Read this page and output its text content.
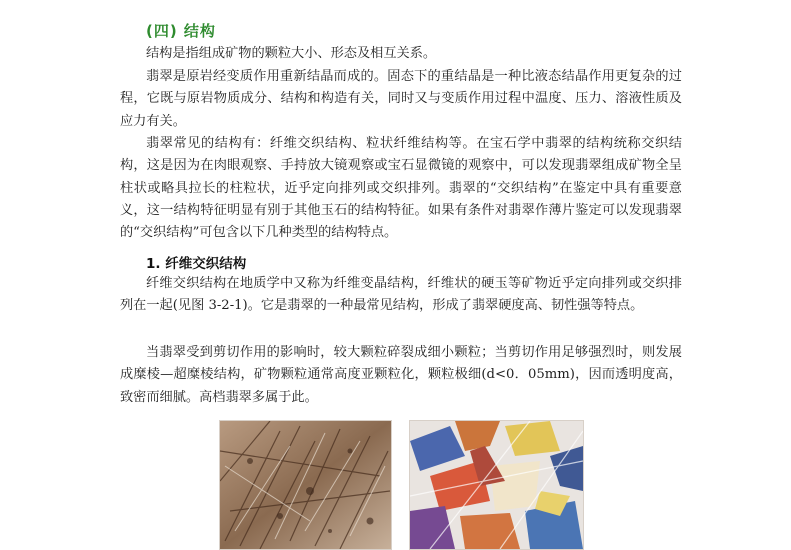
(四) 结构

结构是指组成矿物的颗粒大小、形态及相互关系。

翡翠是原岩经变质作用重新结晶而成的。固态下的重结晶是一种比液态结晶作用更复杂的过程，它既与原岩物质成分、结构和构造有关，同时又与变质作用过程中温度、压力、溶液性质及应力有关。

翡翠常见的结构有：纤维交织结构、粒状纤维结构等。在宝石学中翡翠的结构统称交织结构，这是因为在肉眼观察、手持放大镜观察或宝石显微镜的观察中，可以发现翡翠组成矿物全呈柱状或略具拉长的柱粒状，近乎定向排列或交织排列。翡翠的“交织结构”在鉴定中具有重要意义，这一结构特征明显有别于其他玉石的结构特征。如果有条件对翡翠作薄片鉴定可以发现翡翠的“交织结构”可包含以下几种类型的结构特点。

1. 纤维交织结构

纤维交织结构在地质学中又称为纤维变晶结构，纤维状的硬玉等矿物近乎定向排列或交织排列在一起(见图 3-2-1)。它是翡翠的一种最常见结构，形成了翡翠硬度高、韧性强等特点。

当翡翠受到剪切作用的影响时，较大颗粒碎裂成细小颗粒；当剪切作用足够强烈时，则发展成糜棱—超糜棱结构，矿物颗粒通常高度亚颗粒化，颗粒极细(d<0．05mm)，因而透明度高，致密而细腻。高档翡翠多属于此。
